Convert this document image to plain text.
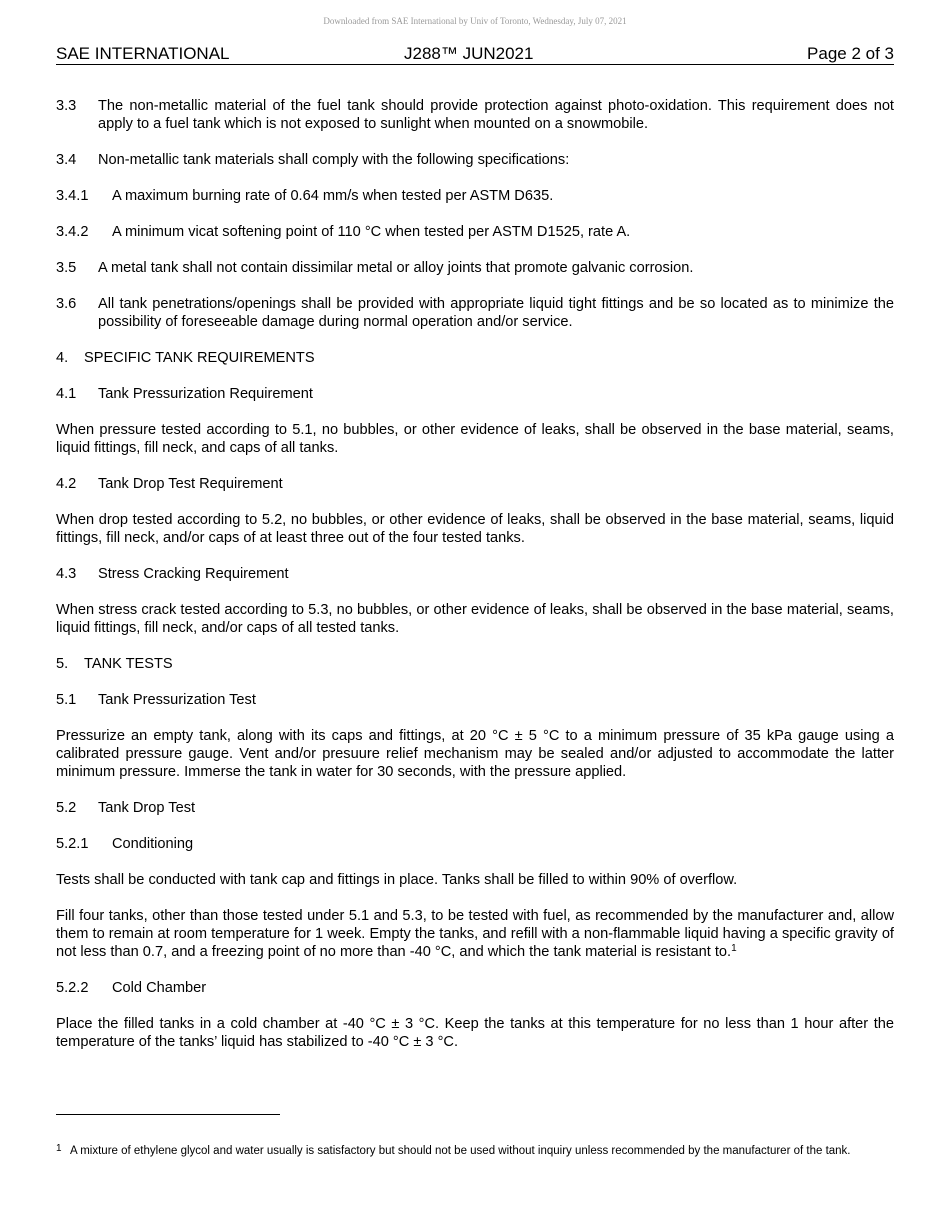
Downloaded from SAE International by Univ of Toronto, Wednesday, July 07, 2021
SAE INTERNATIONAL	J288™ JUN2021	Page 2 of 3
3.3 The non-metallic material of the fuel tank should provide protection against photo-oxidation. This requirement does not apply to a fuel tank which is not exposed to sunlight when mounted on a snowmobile.
3.4 Non-metallic tank materials shall comply with the following specifications:
3.4.1 A maximum burning rate of 0.64 mm/s when tested per ASTM D635.
3.4.2 A minimum vicat softening point of 110 °C when tested per ASTM D1525, rate A.
3.5 A metal tank shall not contain dissimilar metal or alloy joints that promote galvanic corrosion.
3.6 All tank penetrations/openings shall be provided with appropriate liquid tight fittings and be so located as to minimize the possibility of foreseeable damage during normal operation and/or service.
4. SPECIFIC TANK REQUIREMENTS
4.1 Tank Pressurization Requirement
When pressure tested according to 5.1, no bubbles, or other evidence of leaks, shall be observed in the base material, seams, liquid fittings, fill neck, and caps of all tanks.
4.2 Tank Drop Test Requirement
When drop tested according to 5.2, no bubbles, or other evidence of leaks, shall be observed in the base material, seams, liquid fittings, fill neck, and/or caps of at least three out of the four tested tanks.
4.3 Stress Cracking Requirement
When stress crack tested according to 5.3, no bubbles, or other evidence of leaks, shall be observed in the base material, seams, liquid fittings, fill neck, and/or caps of all tested tanks.
5. TANK TESTS
5.1 Tank Pressurization Test
Pressurize an empty tank, along with its caps and fittings, at 20 °C ± 5 °C to a minimum pressure of 35 kPa gauge using a calibrated pressure gauge. Vent and/or presuure relief mechanism may be sealed and/or adjusted to accommodate the latter minimum pressure. Immerse the tank in water for 30 seconds, with the pressure applied.
5.2 Tank Drop Test
5.2.1 Conditioning
Tests shall be conducted with tank cap and fittings in place. Tanks shall be filled to within 90% of overflow.
Fill four tanks, other than those tested under 5.1 and 5.3, to be tested with fuel, as recommended by the manufacturer and, allow them to remain at room temperature for 1 week. Empty the tanks, and refill with a non-flammable liquid having a specific gravity of not less than 0.7, and a freezing point of no more than -40 °C, and which the tank material is resistant to.$^1$
5.2.2 Cold Chamber
Place the filled tanks in a cold chamber at -40 °C ± 3 °C. Keep the tanks at this temperature for no less than 1 hour after the temperature of the tanks’ liquid has stabilized to -40 °C ± 3 °C.
1 A mixture of ethylene glycol and water usually is satisfactory but should not be used without inquiry unless recommended by the manufacturer of the tank.
